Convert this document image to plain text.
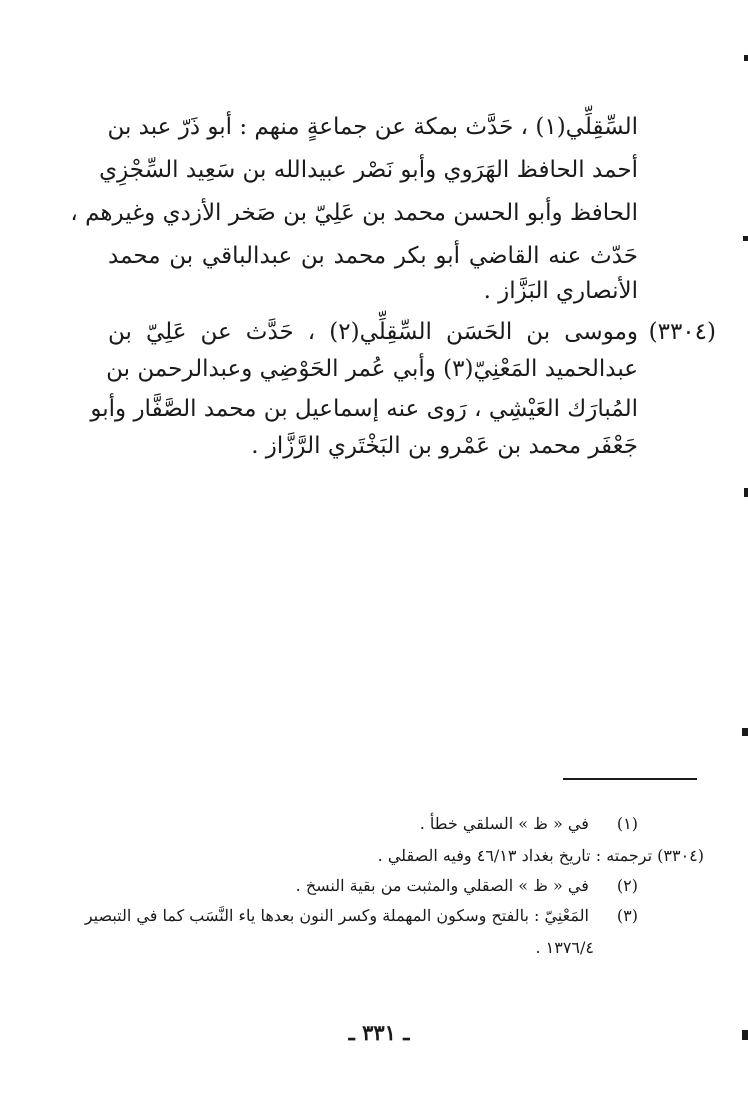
السِّقِلِّي(١) ، حَدَّث بمكة عن جماعةٍ منهم : أبو ذَرّ عبد بن
أحمد الحافظ الهَرَوي وأبو نَصْر عبيدالله بن سَعِيد السِّجْزِي
الحافظ وأبو الحسن محمد بن عَلِيّ بن صَخر الأزدي وغيرهم ،
حَدّث عنه القاضي أبو بكر محمد بن عبدالباقي بن محمد
الأنصاري البَزَّاز .
(٣٣٠٤)
وموسى بن الحَسَن السِّقِلِّي(٢) ، حَدَّث عن عَلِيّ بن
عبدالحميد المَعْنِيّ(٣) وأبي عُمر الحَوْضِي وعبدالرحمن بن
المُبارَك العَيْشِي ، رَوى عنه إسماعيل بن محمد الصَّفَّار وأبو
جَعْفَر محمد بن عَمْرو بن البَخْتَري الرَّزَّاز .
(١) في « ظ » السلقي خطأ .
(٣٣٠٤) ترجمته : تاريخ بغداد ٤٦/١٣ وفيه الصقلي .
(٢) في « ظ » الصقلي والمثبت من بقية النسخ .
(٣) المَعْنِيّ : بالفتح وسكون المهملة وكسر النون بعدها ياء النَّسَب كما في التبصير
١٣٧٦/٤ .
ـ ٣٣١ ـ
